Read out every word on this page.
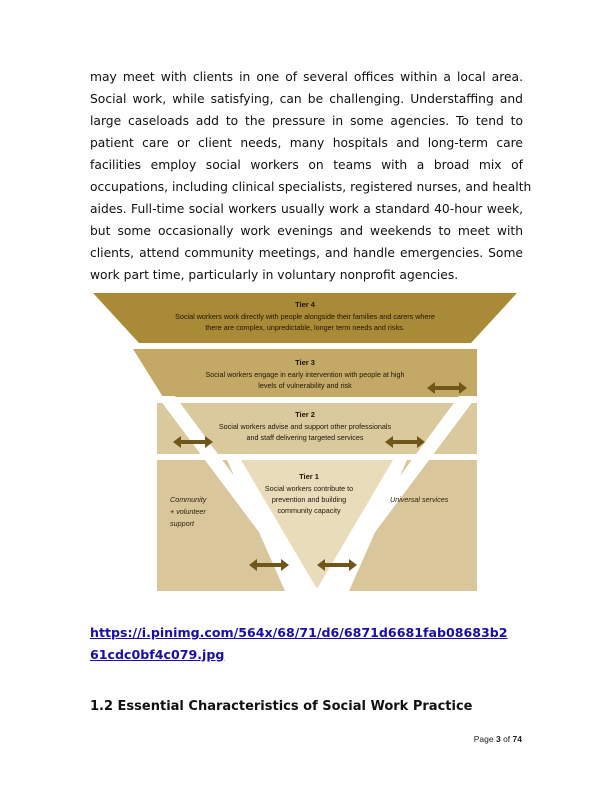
may meet with clients in one of several offices within a local area.
Social work, while satisfying, can be challenging. Understaffing and
large caseloads add to the pressure in some agencies. To tend to
patient care or client needs, many hospitals and long-term care
facilities employ social workers on teams with a broad mix of
occupations, including clinical specialists, registered nurses, and health
aides. Full-time social workers usually work a standard 40-hour week,
but some occasionally work evenings and weekends to meet with
clients, attend community meetings, and handle emergencies. Some
work part time, particularly in voluntary nonprofit agencies.
Tier 4
Social workers work directly with people alongside their families and carers where
there are complex, unpredictable, longer term needs and risks.
Tier 3
Social workers engage in early intervention with people at high
levels of vulnerability and risk
Tier 2
Social workers advise and support other professionals
and staff delivering targeted services
Tier 1
Social workers contribute to
prevention and building
community capacity
Community
+ volunteer
support
Universal services
https://i.pinimg.com/564x/68/71/d6/6871d6681fab08683b2
61cdc0bf4c079.jpg
1.2 Essential Characteristics of Social Work Practice
Page 3 of 74
